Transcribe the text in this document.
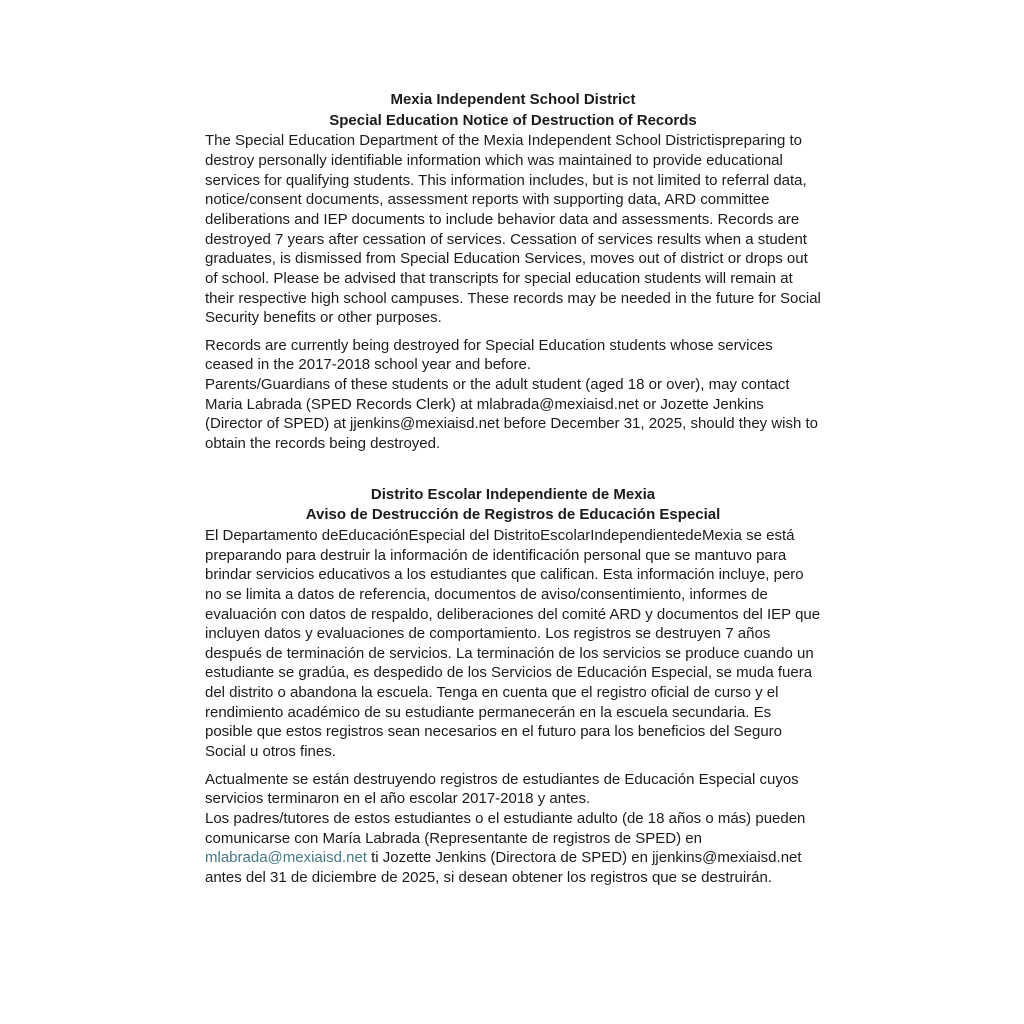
Mexia Independent School District
Special Education Notice of Destruction of Records

The Special Education Department of the Mexia Independent School Districtispreparing to destroy personally identifiable information which was maintained to provide educational services for qualifying students. This information includes, but is not limited to referral data, notice/consent documents, assessment reports with supporting data, ARD committee deliberations and IEP documents to include behavior data and assessments. Records are destroyed 7 years after cessation of services. Cessation of services results when a student graduates, is dismissed from Special Education Services, moves out of district or drops out of school. Please be advised that transcripts for special education students will remain at their respective high school campuses. These records may be needed in the future for Social Security benefits or other purposes.

Records are currently being destroyed for Special Education students whose services ceased in the 2017-2018 school year and before.

Parents/Guardians of these students or the adult student (aged 18 or over), may contact Maria Labrada (SPED Records Clerk) at mlabrada@mexiaisd.net or Jozette Jenkins (Director of SPED) at jjenkins@mexiaisd.net before December 31, 2025, should they wish to obtain the records being destroyed.

Distrito Escolar Independiente de Mexia
Aviso de Destrucción de Registros de Educación Especial

El Departamento deEducaciónEspecial del DistritoEscolarIndependientedeMexia se está preparando para destruir la información de identificación personal que se mantuvo para brindar servicios educativos a los estudiantes que califican. Esta información incluye, pero no se limita a datos de referencia, documentos de aviso/consentimiento, informes de evaluación con datos de respaldo, deliberaciones del comité ARD y documentos del IEP que incluyen datos y evaluaciones de comportamiento. Los registros se destruyen 7 años después de terminación de servicios. La terminación de los servicios se produce cuando un estudiante se gradúa, es despedido de los Servicios de Educación Especial, se muda fuera del distrito o abandona la escuela. Tenga en cuenta que el registro oficial de curso y el rendimiento académico de su estudiante permanecerán en la escuela secundaria. Es posible que estos registros sean necesarios en el futuro para los beneficios del Seguro Social u otros fines.

Actualmente se están destruyendo registros de estudiantes de Educación Especial cuyos servicios terminaron en el año escolar 2017-2018 y antes.

Los padres/tutores de estos estudiantes o el estudiante adulto (de 18 años o más) pueden comunicarse con María Labrada (Representante de registros de SPED) en mlabrada@mexiaisd.net ti Jozette Jenkins (Directora de SPED) en jjenkins@mexiaisd.net antes del 31 de diciembre de 2025, si desean obtener los registros que se destruirán.
